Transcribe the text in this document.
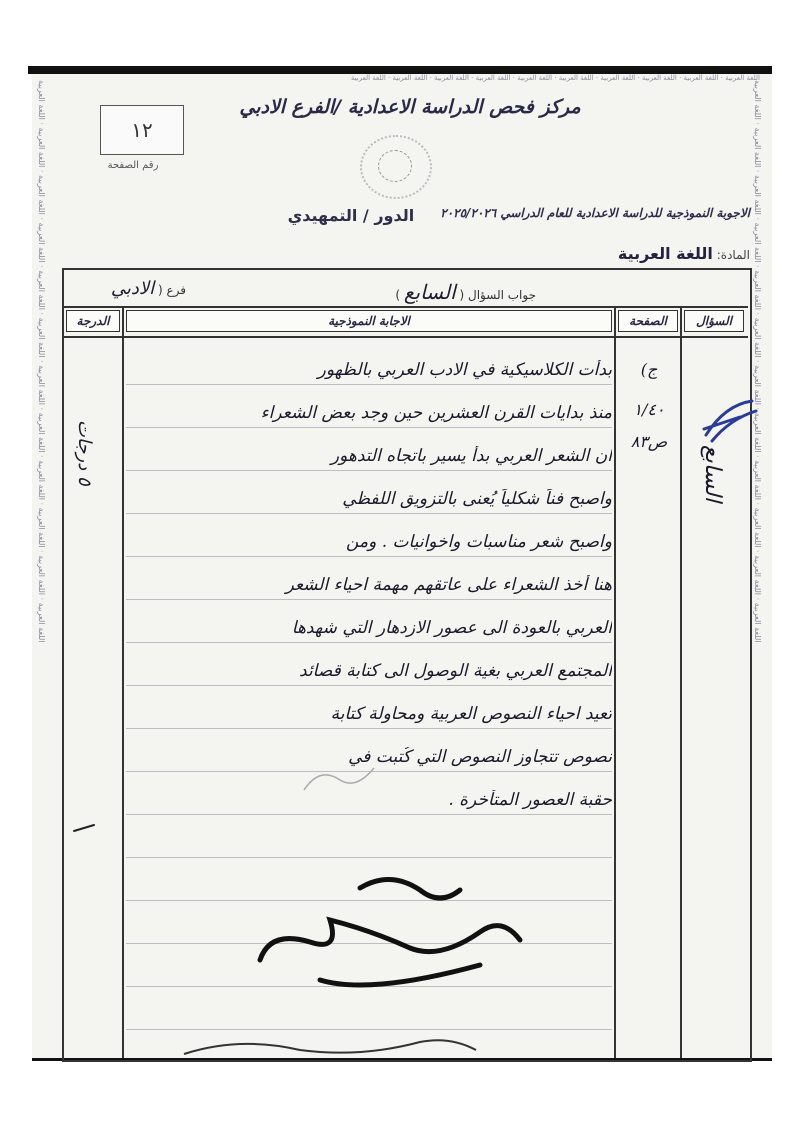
اللغة العربية · اللغة العربية · اللغة العربية · اللغة العربية · اللغة العربية · اللغة العربية · اللغة العربية · اللغة العربية · اللغة العربية · اللغة العربية
اللغة العربية · اللغة العربية · اللغة العربية · اللغة العربية · اللغة العربية · اللغة العربية · اللغة العربية · اللغة العربية · اللغة العربية · اللغة العربية · اللغة العربية · اللغة العربية
اللغة العربية · اللغة العربية · اللغة العربية · اللغة العربية · اللغة العربية · اللغة العربية · اللغة العربية · اللغة العربية · اللغة العربية · اللغة العربية · اللغة العربية · اللغة العربية
مركز فحص الدراسة الاعدادية /الفرع الادبي
١٢
رقم الصفحة
الاجوبة النموذجية للدراسة الاعدادية للعام الدراسي ٢٠٢٥/٢٠٢٦
الدور / التمهيدي
المادة: اللغة العربية
جواب السؤال ( السابع )
فرع ( الادبي
السؤال
الصفحة
الاجابة النموذجية
الدرجة
بدأت الكلاسيكية في الادب العربي بالظهور
منذ بدايات القرن العشرين حين وجد بعض الشعراء
ان الشعر العربي بدأ يسير باتجاه التدهور
واصبح فناً شكلياً يُعنى بالتزويق اللفظي
واصبح شعر مناسبات واخوانيات . ومن
هنا أخذ الشعراء على عاتقهم مهمة احياء الشعر
العربي بالعودة الى عصور الازدهار التي شهدها
المجتمع العربي بغية الوصول الى كتابة قصائد
تعيد احياء النصوص العربية ومحاولة كتابة
نصوص تتجاوز النصوص التي كُتبت في
حقبة العصور المتأخرة .
ج)
١/٤٠
ص٨٣
٥ درجات	السابع
